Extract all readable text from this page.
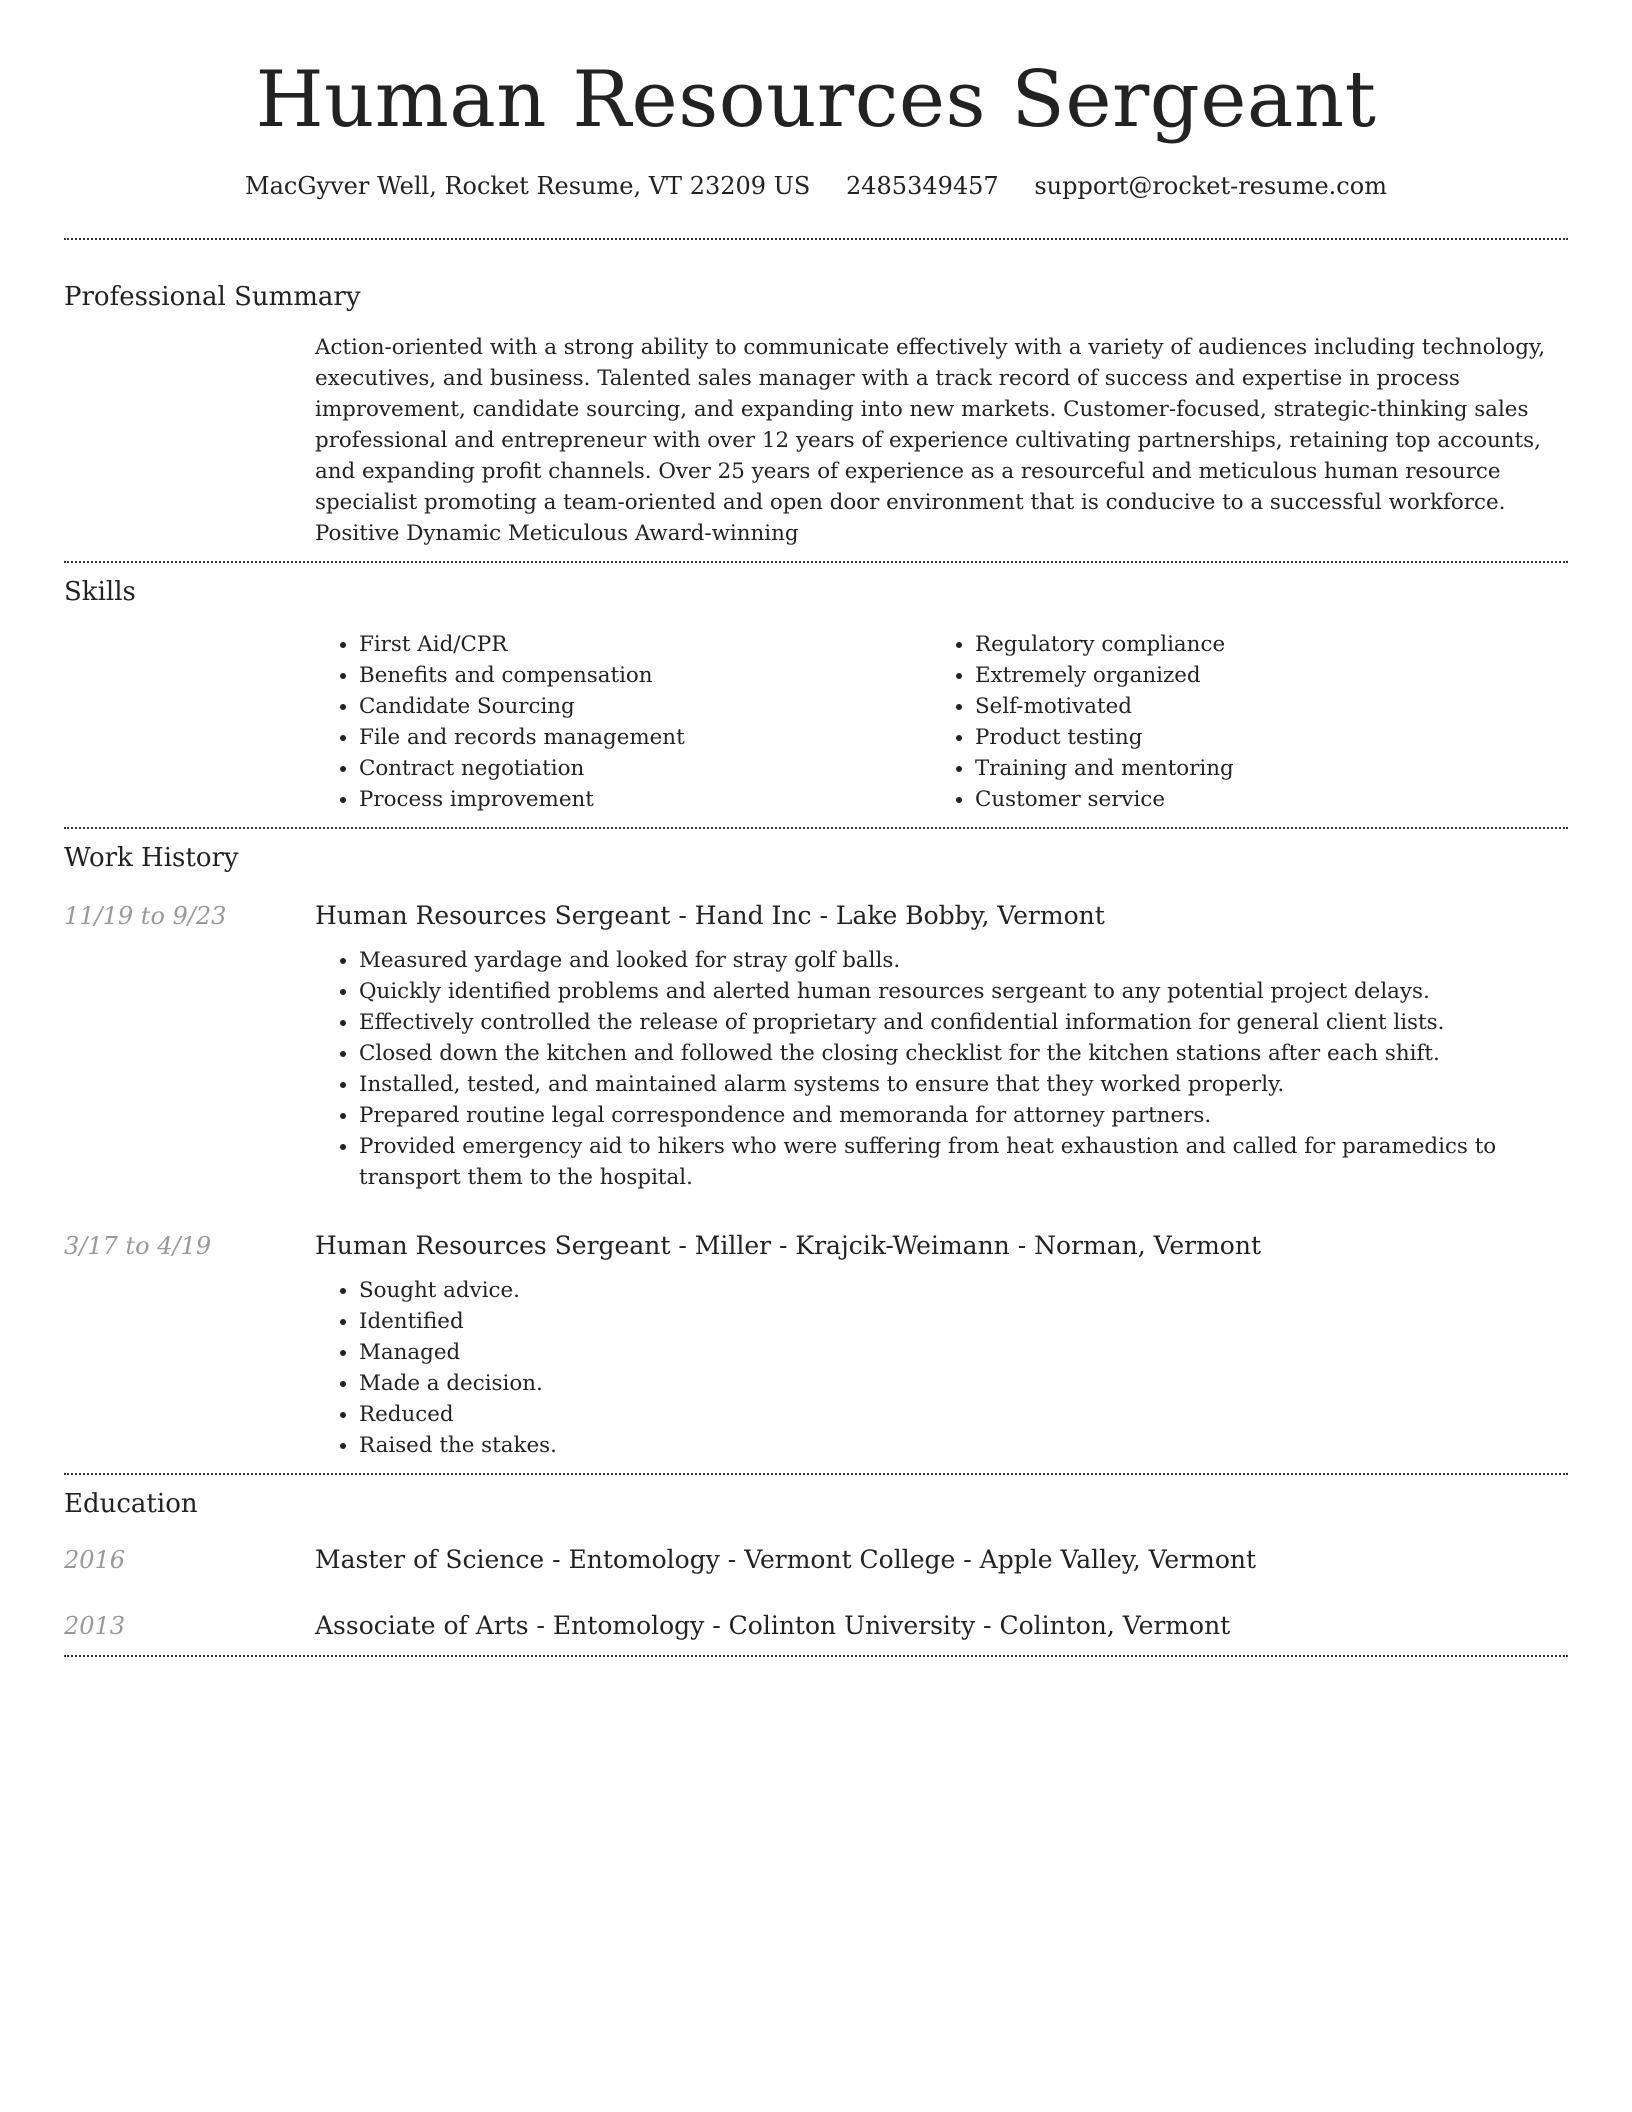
Human Resources Sergeant
MacGyver Well, Rocket Resume, VT 23209 US 2485349457 support@rocket-resume.com
Professional Summary

Action-oriented with a strong ability to communicate effectively with a variety of audiences including technology, executives, and business. Talented sales manager with a track record of success and expertise in process improvement, candidate sourcing, and expanding into new markets. Customer-focused, strategic-thinking sales professional and entrepreneur with over 12 years of experience cultivating partnerships, retaining top accounts, and expanding profit channels. Over 25 years of experience as a resourceful and meticulous human resource specialist promoting a team-oriented and open door environment that is conducive to a successful workforce. Positive Dynamic Meticulous Award-winning

Skills
• First Aid/CPR
• Benefits and compensation
• Candidate Sourcing
• File and records management
• Contract negotiation
• Process improvement
• Regulatory compliance
• Extremely organized
• Self-motivated
• Product testing
• Training and mentoring
• Customer service
Work History
11/19 to 9/23	Human Resources Sergeant - Hand Inc - Lake Bobby, Vermont
• Measured yardage and looked for stray golf balls.
• Quickly identified problems and alerted human resources sergeant to any potential project delays.
• Effectively controlled the release of proprietary and confidential information for general client lists.
• Closed down the kitchen and followed the closing checklist for the kitchen stations after each shift.
• Installed, tested, and maintained alarm systems to ensure that they worked properly.
• Prepared routine legal correspondence and memoranda for attorney partners.
• Provided emergency aid to hikers who were suffering from heat exhaustion and called for paramedics to transport them to the hospital.
3/17 to 4/19	Human Resources Sergeant - Miller - Krajcik-Weimann - Norman, Vermont
• Sought advice.
• Identified
• Managed
• Made a decision.
• Reduced
• Raised the stakes.
Education
2016	Master of Science - Entomology - Vermont College - Apple Valley, Vermont
2013	Associate of Arts - Entomology - Colinton University - Colinton, Vermont
